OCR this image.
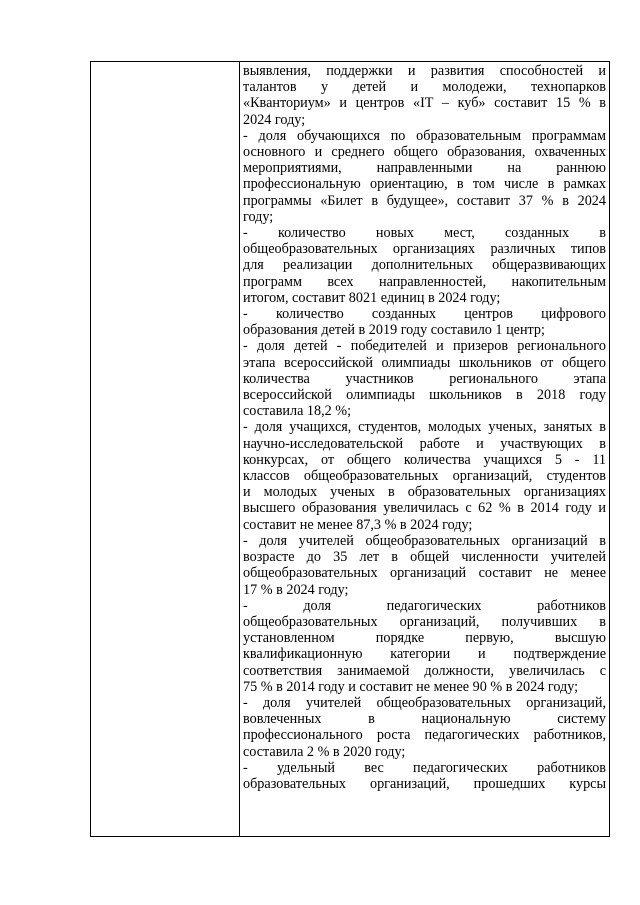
выявления, поддержки и развития способностей и
талантов у детей и молодежи, технопарков
«Кванториум» и центров «IT – куб» составит 15 % в
2024 году;
- доля обучающихся по образовательным программам
основного и среднего общего образования, охваченных
мероприятиями, направленными на раннюю
профессиональную ориентацию, в том числе в рамках
программы «Билет в будущее», составит 37 % в 2024
году;
- количество новых мест, созданных в
общеобразовательных организациях различных типов
для реализации дополнительных общеразвивающих
программ всех направленностей, накопительным
итогом, составит 8021 единиц в 2024 году;
- количество созданных центров цифрового
образования детей в 2019 году составило 1 центр;
- доля детей - победителей и призеров регионального
этапа всероссийской олимпиады школьников от общего
количества участников регионального этапа
всероссийской олимпиады школьников в 2018 году
составила 18,2 %;
- доля учащихся, студентов, молодых ученых, занятых в
научно-исследовательской работе и участвующих в
конкурсах, от общего количества учащихся 5 - 11
классов общеобразовательных организаций, студентов
и молодых ученых в образовательных организациях
высшего образования увеличилась с 62 % в 2014 году и
составит не менее 87,3 % в 2024 году;
- доля учителей общеобразовательных организаций в
возрасте до 35 лет в общей численности учителей
общеобразовательных организаций составит не менее
17 % в 2024 году;
- доля педагогических работников
общеобразовательных организаций, получивших в
установленном порядке первую, высшую
квалификационную категории и подтверждение
соответствия занимаемой должности, увеличилась с
75 % в 2014 году и составит не менее 90 % в 2024 году;
- доля учителей общеобразовательных организаций,
вовлеченных в национальную систему
профессионального роста педагогических работников,
составила 2 % в 2020 году;
- удельный вес педагогических работников
образовательных организаций, прошедших курсы
